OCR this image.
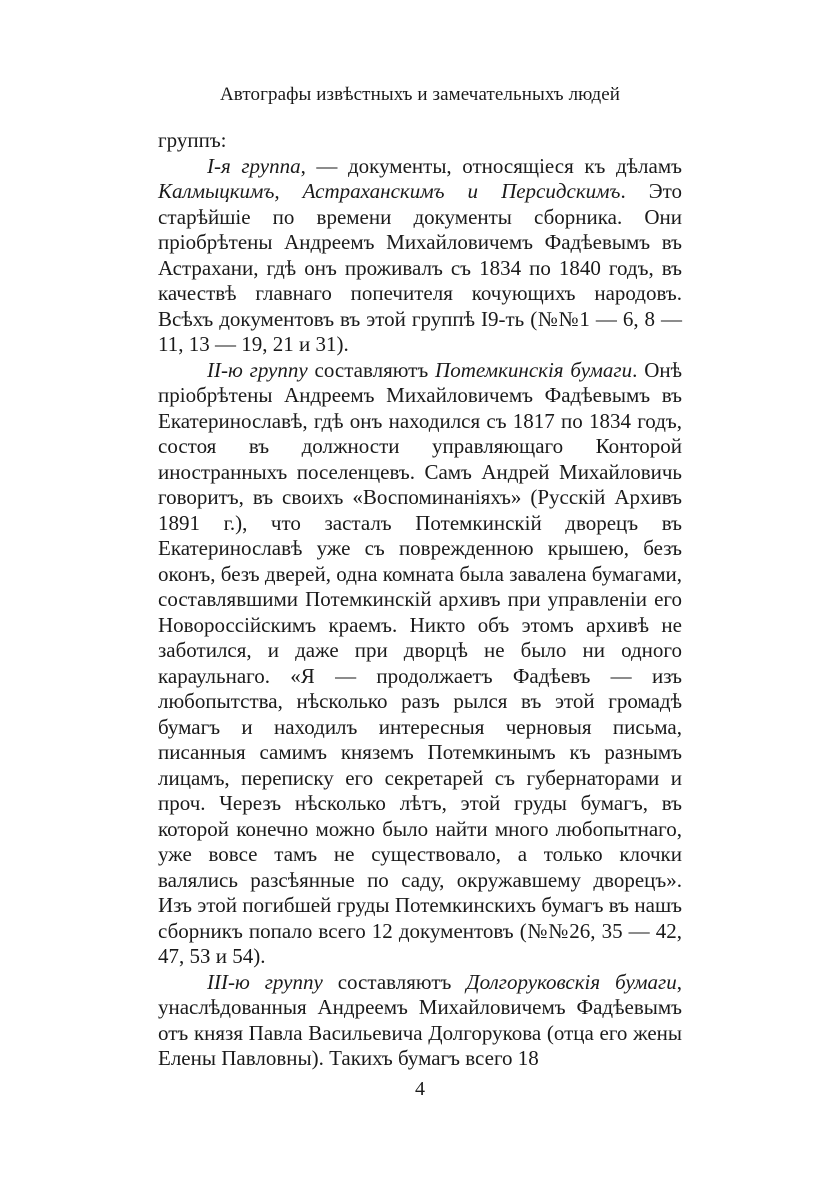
Автографы извѣстныхъ и замечательныхъ людей

группъ:

I-я группа, — документы, относящіеся къ дѣламъ Калмыцкимъ, Астраханскимъ и Персидскимъ. Это старѣйшіе по времени документы сборника. Они пріобрѣтены Андреемъ Михайловичемъ Фадѣевымъ въ Астрахани, гдѣ онъ проживалъ съ 1834 по 1840 годъ, въ качествѣ главнаго попечителя кочующихъ народовъ. Всѣхъ документовъ въ этой группѣ I9-ть (№№1 — 6, 8 — 11, 13 — 19, 21 и 31).

II-ю группу составляютъ Потемкинскія бумаги. Онѣ пріобрѣтены Андреемъ Михайловичемъ Фадѣевымъ въ Екатеринославѣ, гдѣ онъ находился съ 1817 по 1834 годъ, состоя въ должности управляющаго Конторой иностранныхъ поселенцевъ. Самъ Андрей Михайловичь говоритъ, въ своихъ «Воспоминаніяхъ» (Русскій Архивъ 1891 г.), что засталъ Потемкинскій дворецъ въ Екатеринославѣ уже съ поврежденною крышею, безъ оконъ, безъ дверей, одна комната была завалена бумагами, составлявшими Потемкинскій архивъ при управленіи его Новороссійскимъ краемъ. Никто объ этомъ архивѣ не заботился, и даже при дворцѣ не было ни одного караульнаго. «Я — продолжаетъ Фадѣевъ — изъ любопытства, нѣсколько разъ рылся въ этой громадѣ бумагъ и находилъ интересныя черновыя письма, писанныя самимъ княземъ Потемкинымъ къ разнымъ лицамъ, переписку его секретарей съ губернаторами и проч. Черезъ нѣсколько лѣтъ, этой груды бумагъ, въ которой конечно можно было найти много любопытнаго, уже вовсе тамъ не существовало, а только клочки валялись разсѣянные по саду, окружавшему дворецъ». Изъ этой погибшей груды Потемкинскихъ бумагъ въ нашъ сборникъ попало всего 12 документовъ (№№26, 35 — 42, 47, 5З и 54).

III-ю группу составляютъ Долгоруковскія бумаги, унаслѣдованныя Андреемъ Михайловичемъ Фадѣевымъ отъ князя Павла Васильевича Долгорукова (отца его жены Елены Павловны). Такихъ бумагъ всего 18

4
